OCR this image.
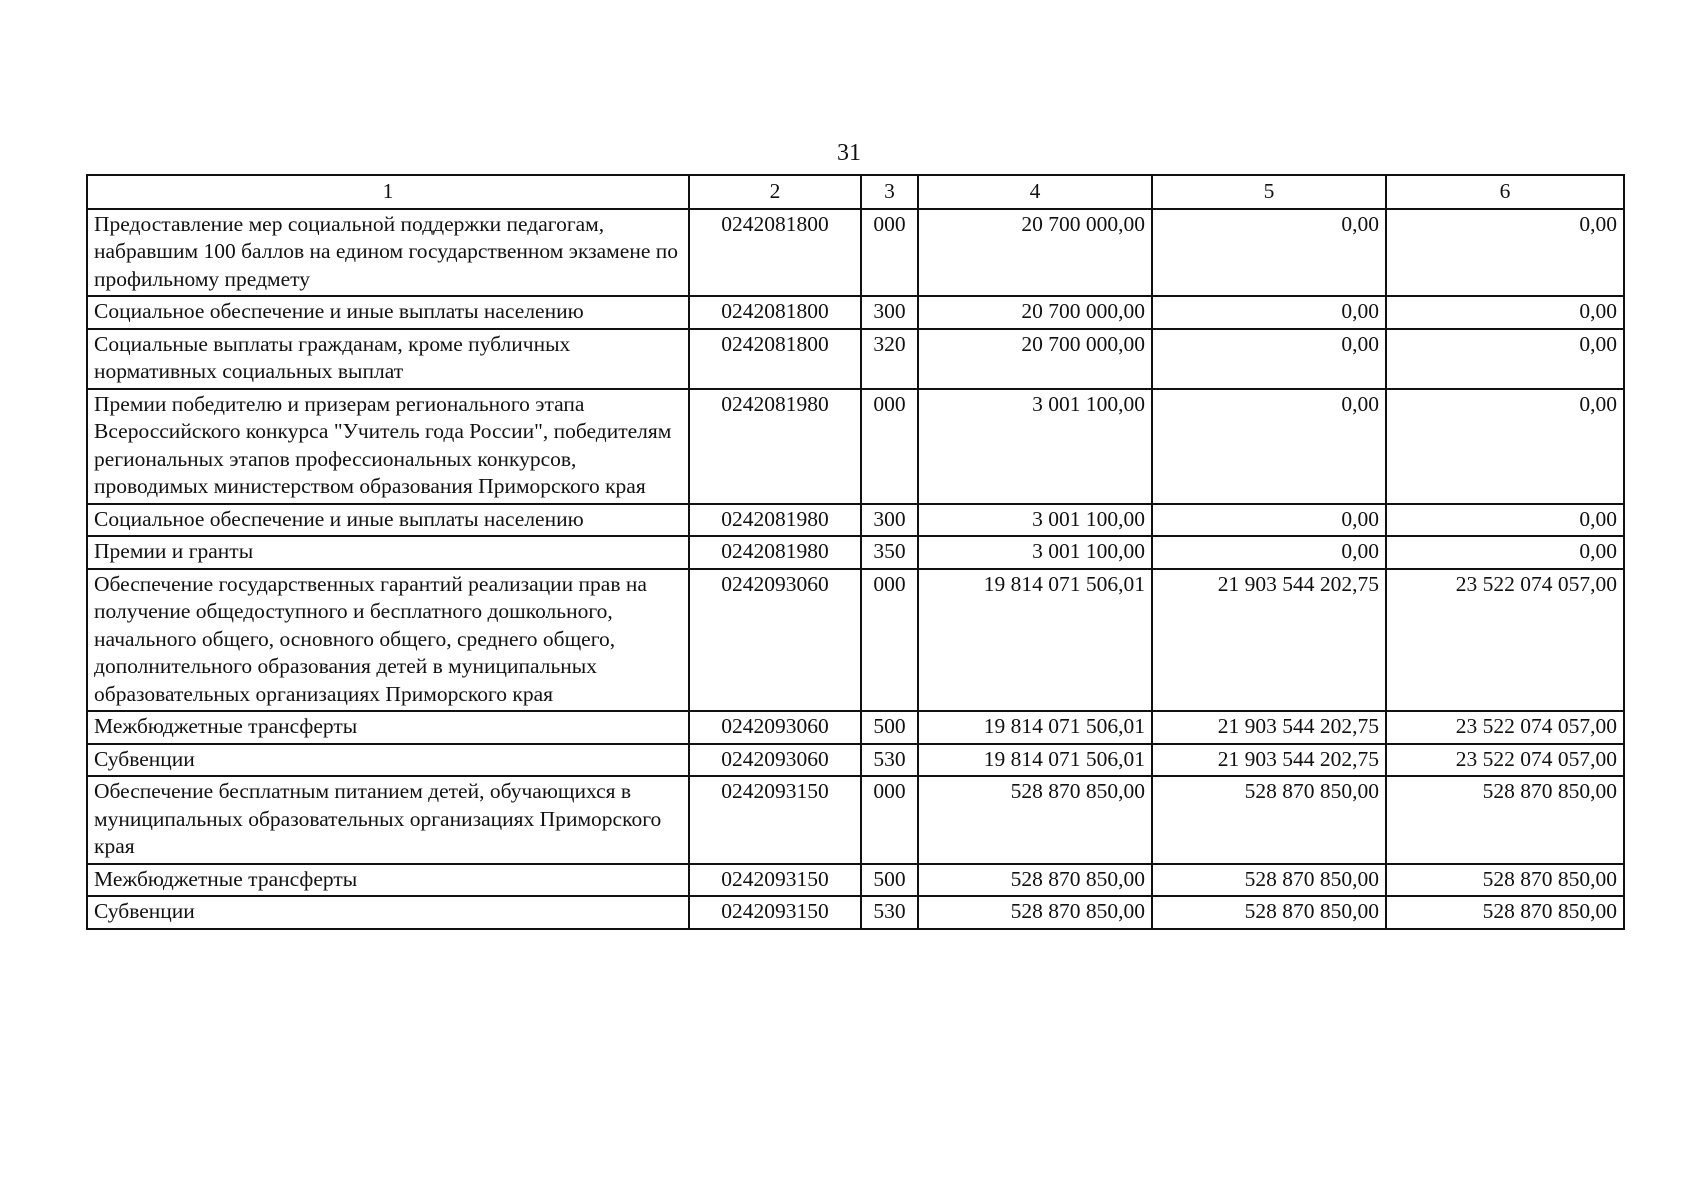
31
1	2	3	4	5	6
Предоставление мер социальной поддержки педагогам, набравшим 100 баллов на едином государственном экзамене по профильному предмету	0242081800	000	20 700 000,00	0,00	0,00
Социальное обеспечение и иные выплаты населению	0242081800	300	20 700 000,00	0,00	0,00
Социальные выплаты гражданам, кроме публичных нормативных социальных выплат	0242081800	320	20 700 000,00	0,00	0,00
Премии победителю и призерам регионального этапа Всероссийского конкурса "Учитель года России", победителям региональных этапов профессиональных конкурсов, проводимых министерством образования Приморского края	0242081980	000	3 001 100,00	0,00	0,00
Социальное обеспечение и иные выплаты населению	0242081980	300	3 001 100,00	0,00	0,00
Премии и гранты	0242081980	350	3 001 100,00	0,00	0,00
Обеспечение государственных гарантий реализации прав на получение общедоступного и бесплатного дошкольного, начального общего, основного общего, среднего общего, дополнительного образования детей в муниципальных образовательных организациях Приморского края	0242093060	000	19 814 071 506,01	21 903 544 202,75	23 522 074 057,00
Межбюджетные трансферты	0242093060	500	19 814 071 506,01	21 903 544 202,75	23 522 074 057,00
Субвенции	0242093060	530	19 814 071 506,01	21 903 544 202,75	23 522 074 057,00
Обеспечение бесплатным питанием детей, обучающихся в муниципальных образовательных организациях Приморского края	0242093150	000	528 870 850,00	528 870 850,00	528 870 850,00
Межбюджетные трансферты	0242093150	500	528 870 850,00	528 870 850,00	528 870 850,00
Субвенции	0242093150	530	528 870 850,00	528 870 850,00	528 870 850,00
